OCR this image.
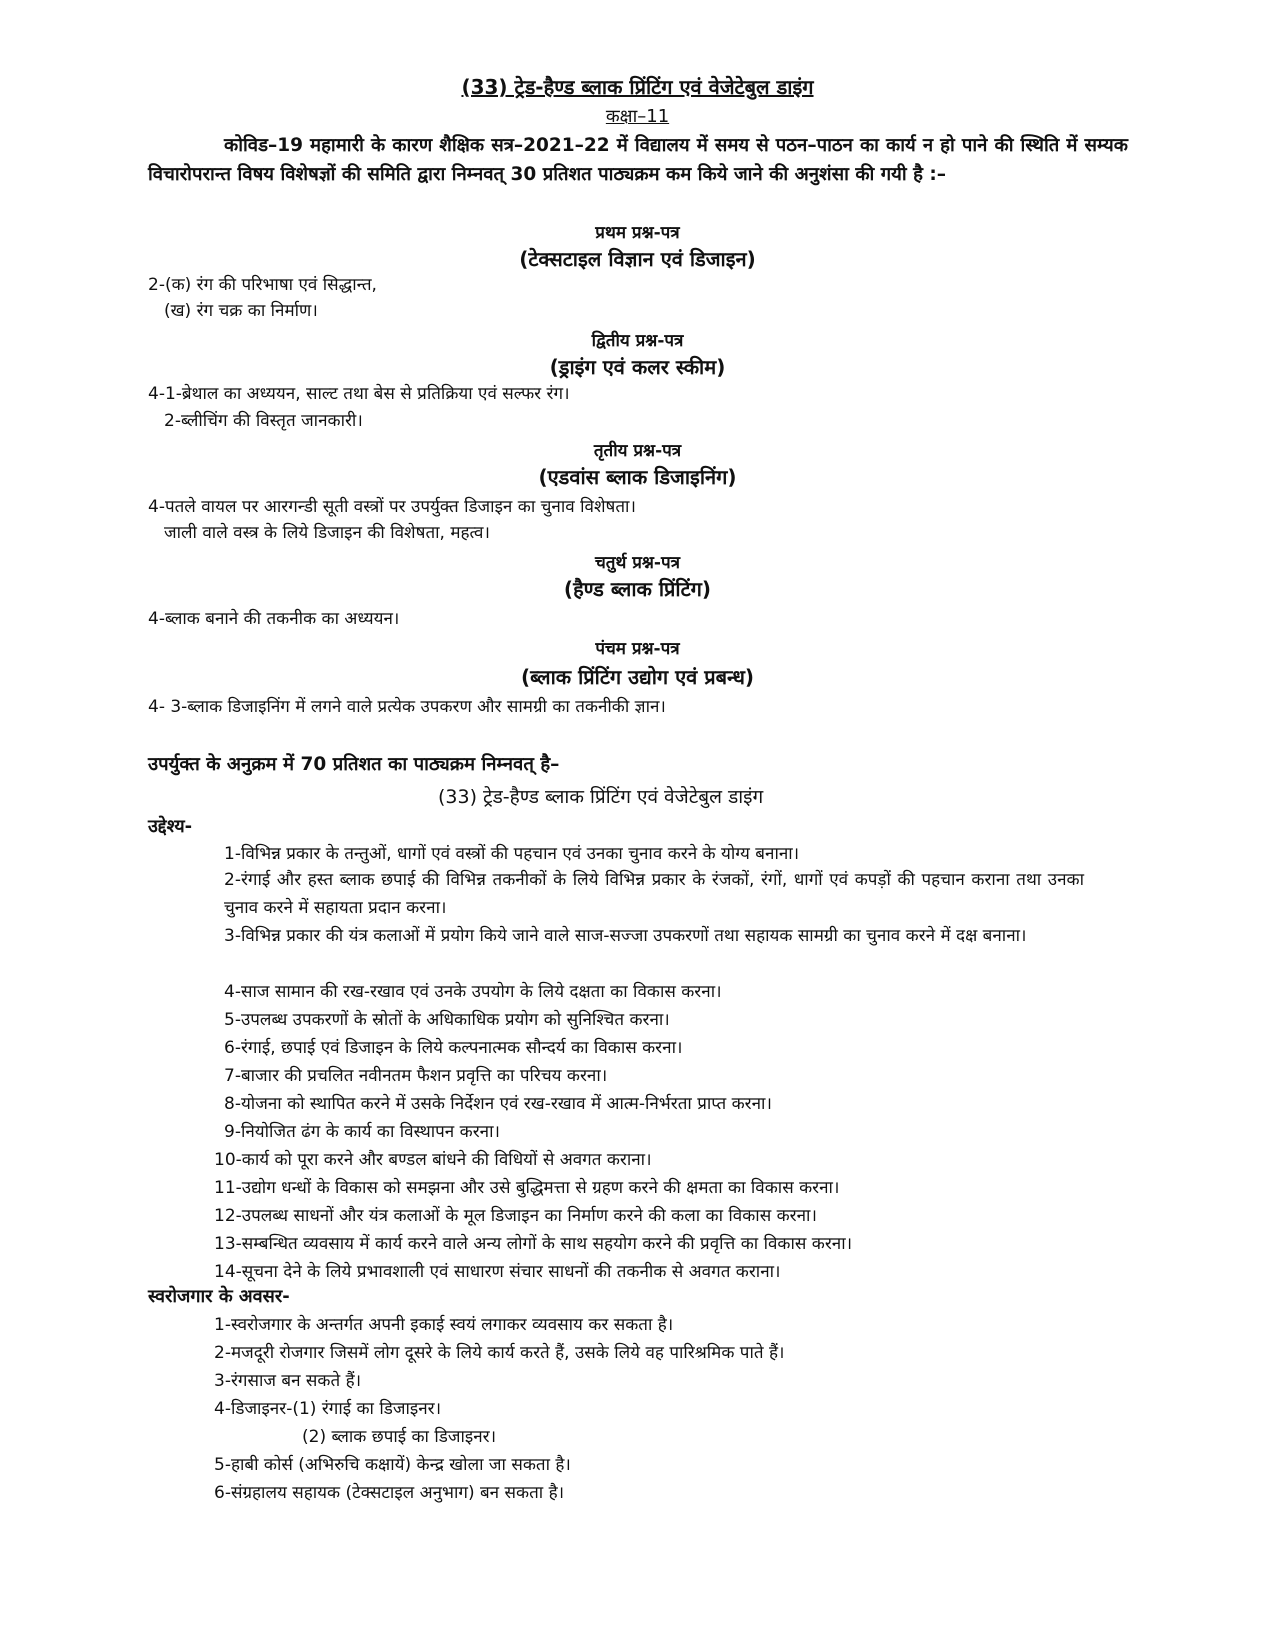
(33) ट्रेड-हैण्ड ब्लाक प्रिंटिंग एवं वेजेटेबुल डाइंग
कक्षा–11
कोविड–19 महामारी के कारण शैक्षिक सत्र–2021–22 में विद्यालय में समय से पठन–पाठन का कार्य न हो पाने की स्थिति में सम्यक विचारोपरान्त विषय विशेषज्ञों की समिति द्वारा निम्नवत् 30 प्रतिशत पाठ्यक्रम कम किये जाने की अनुशंसा की गयी है :–
प्रथम प्रश्न-पत्र
(टेक्सटाइल विज्ञान एवं डिजाइन)
2-(क) रंग की परिभाषा एवं सिद्धान्त,
(ख) रंग चक्र का निर्माण।
द्वितीय प्रश्न-पत्र
(ड्राइंग एवं कलर स्कीम)
4-1-ब्रेथाल का अध्ययन, साल्ट तथा बेस से प्रतिक्रिया एवं सल्फर रंग।
2-ब्लीचिंग की विस्तृत जानकारी।
तृतीय प्रश्न-पत्र
(एडवांस ब्लाक डिजाइनिंग)
4-पतले वायल पर आरगन्डी सूती वस्त्रों पर उपर्युक्त डिजाइन का चुनाव विशेषता।
जाली वाले वस्त्र के लिये डिजाइन की विशेषता, महत्व।
चतुर्थ प्रश्न-पत्र
(हैण्ड ब्लाक प्रिंटिंग)
4-ब्लाक बनाने की तकनीक का अध्ययन।
पंचम प्रश्न-पत्र
(ब्लाक प्रिंटिंग उद्योग एवं प्रबन्ध)
4- 3-ब्लाक डिजाइनिंग में लगने वाले प्रत्येक उपकरण और सामग्री का तकनीकी ज्ञान।
उपर्युक्त के अनुक्रम में 70 प्रतिशत का पाठ्यक्रम निम्नवत् है–
(33) ट्रेड-हैण्ड ब्लाक प्रिंटिंग एवं वेजेटेबुल डाइंग
उद्देश्य-
1-विभिन्न प्रकार के तन्तुओं, धागों एवं वस्त्रों की पहचान एवं उनका चुनाव करने के योग्य बनाना।
2-रंगाई और हस्त ब्लाक छपाई की विभिन्न तकनीकों के लिये विभिन्न प्रकार के रंजकों, रंगों, धागों एवं कपड़ों की पहचान कराना तथा उनका चुनाव करने में सहायता प्रदान करना।
3-विभिन्न प्रकार की यंत्र कलाओं में प्रयोग किये जाने वाले साज-सज्जा उपकरणों तथा सहायक सामग्री का चुनाव करने में दक्ष बनाना।
4-साज सामान की रख-रखाव एवं उनके उपयोग के लिये दक्षता का विकास करना।
5-उपलब्ध उपकरणों के स्रोतों के अधिकाधिक प्रयोग को सुनिश्चित करना।
6-रंगाई, छपाई एवं डिजाइन के लिये कल्पनात्मक सौन्दर्य का विकास करना।
7-बाजार की प्रचलित नवीनतम फैशन प्रवृत्ति का परिचय करना।
8-योजना को स्थापित करने में उसके निर्देशन एवं रख-रखाव में आत्म-निर्भरता प्राप्त करना।
9-नियोजित ढंग के कार्य का विस्थापन करना।
10-कार्य को पूरा करने और बण्डल बांधने की विधियों से अवगत कराना।
11-उद्योग धन्धों के विकास को समझना और उसे बुद्धिमत्ता से ग्रहण करने की क्षमता का विकास करना।
12-उपलब्ध साधनों और यंत्र कलाओं के मूल डिजाइन का निर्माण करने की कला का विकास करना।
13-सम्बन्धित व्यवसाय में कार्य करने वाले अन्य लोगों के साथ सहयोग करने की प्रवृत्ति का विकास करना।
14-सूचना देने के लिये प्रभावशाली एवं साधारण संचार साधनों की तकनीक से अवगत कराना।
स्वरोजगार के अवसर-
1-स्वरोजगार के अन्तर्गत अपनी इकाई स्वयं लगाकर व्यवसाय कर सकता है।
2-मजदूरी रोजगार जिसमें लोग दूसरे के लिये कार्य करते हैं, उसके लिये वह पारिश्रमिक पाते हैं।
3-रंगसाज बन सकते हैं।
4-डिजाइनर-(1) रंगाई का डिजाइनर।
(2) ब्लाक छपाई का डिजाइनर।
5-हाबी कोर्स (अभिरुचि कक्षायें) केन्द्र खोला जा सकता है।
6-संग्रहालय सहायक (टेक्सटाइल अनुभाग) बन सकता है।
